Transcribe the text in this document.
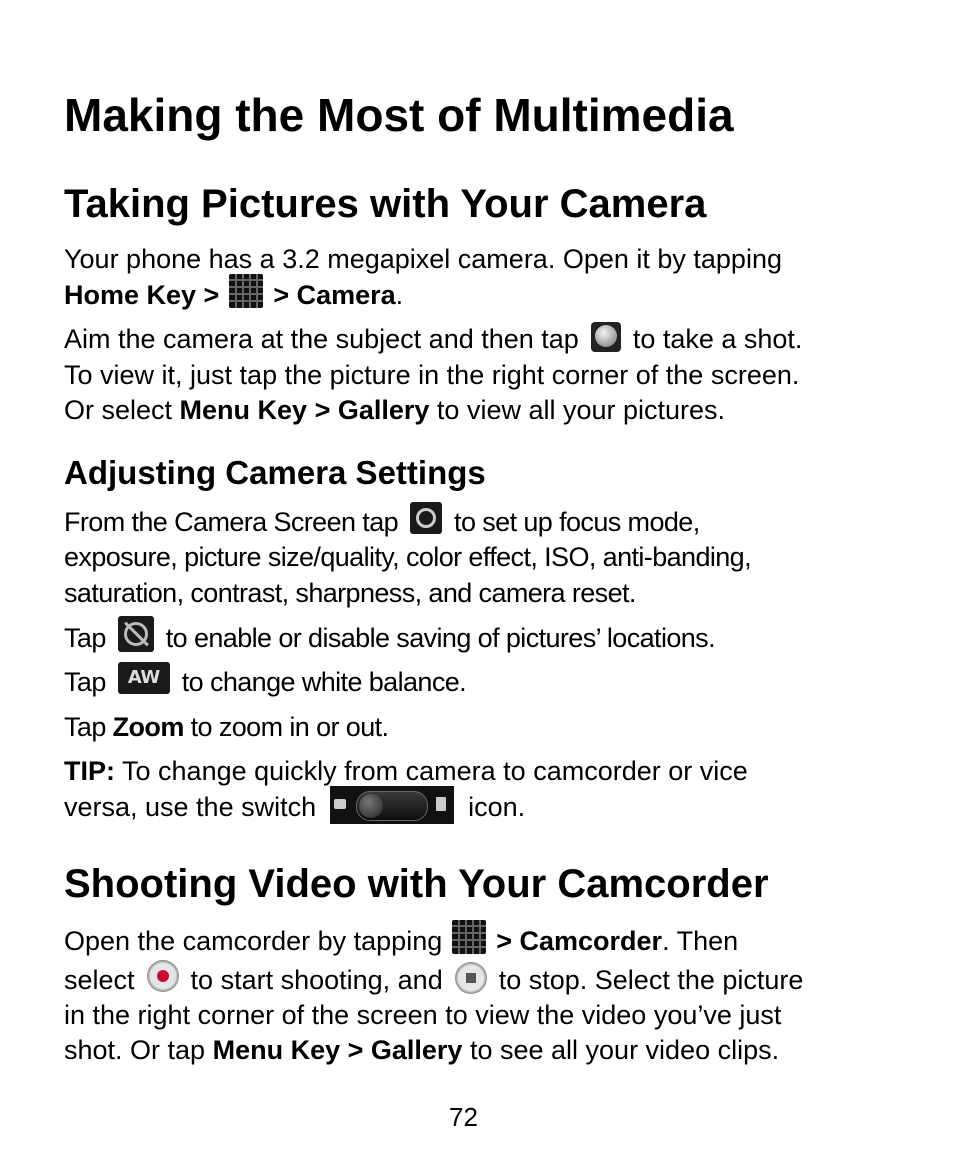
Making the Most of Multimedia
Taking Pictures with Your Camera
Your phone has a 3.2 megapixel camera. Open it by tapping
Home Key > > Camera.
Aim the camera at the subject and then tap to take a shot.
To view it, just tap the picture in the right corner of the screen.
Or select Menu Key > Gallery to view all your pictures.
Adjusting Camera Settings
From the Camera Screen tap to set up focus mode,
exposure, picture size/quality, color effect, ISO, anti-banding,
saturation, contrast, sharpness, and camera reset.
Tap to enable or disable saving of pictures’ locations.
Tap AW to change white balance.
Tap Zoom to zoom in or out.
TIP: To change quickly from camera to camcorder or vice
versa, use the switch	icon.
Shooting Video with Your Camcorder
Open the camcorder by tapping > Camcorder. Then
select to start shooting, and to stop. Select the picture
in the right corner of the screen to view the video you’ve just
shot. Or tap Menu Key > Gallery to see all your video clips.
72
